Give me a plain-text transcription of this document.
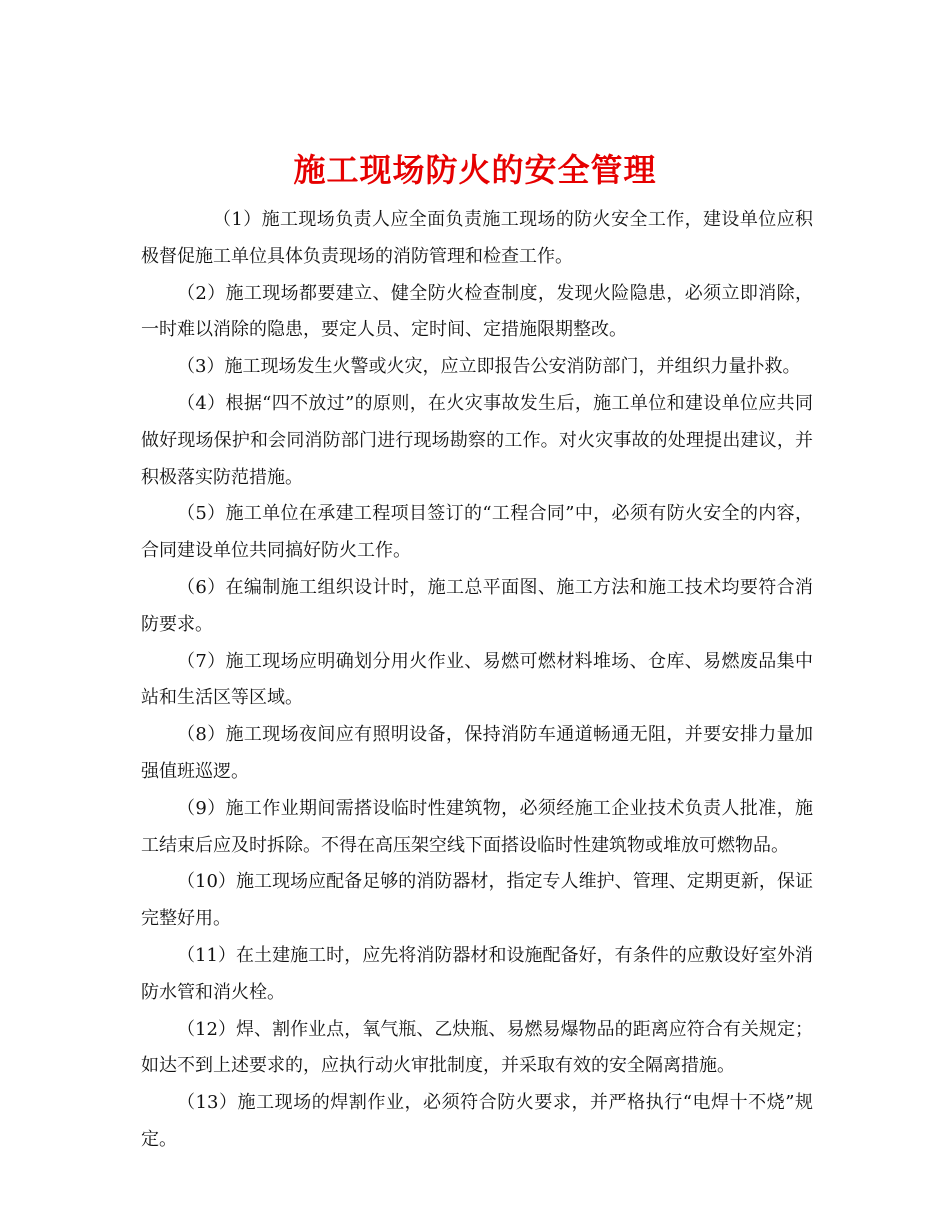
施工现场防火的安全管理

（1）施工现场负责人应全面负责施工现场的防火安全工作，建设单位应积极督促施工单位具体负责现场的消防管理和检查工作。

（2）施工现场都要建立、健全防火检查制度，发现火险隐患，必须立即消除，一时难以消除的隐患，要定人员、定时间、定措施限期整改。

（3）施工现场发生火警或火灾，应立即报告公安消防部门，并组织力量扑救。

（4）根据“四不放过”的原则，在火灾事故发生后，施工单位和建设单位应共同做好现场保护和会同消防部门进行现场勘察的工作。对火灾事故的处理提出建议，并积极落实防范措施。

（5）施工单位在承建工程项目签订的“工程合同”中，必须有防火安全的内容，合同建设单位共同搞好防火工作。

（6）在编制施工组织设计时，施工总平面图、施工方法和施工技术均要符合消防要求。

（7）施工现场应明确划分用火作业、易燃可燃材料堆场、仓库、易燃废品集中站和生活区等区域。

（8）施工现场夜间应有照明设备，保持消防车通道畅通无阻，并要安排力量加强值班巡逻。

（9）施工作业期间需搭设临时性建筑物，必须经施工企业技术负责人批准，施工结束后应及时拆除。不得在高压架空线下面搭设临时性建筑物或堆放可燃物品。

（10）施工现场应配备足够的消防器材，指定专人维护、管理、定期更新，保证完整好用。

（11）在土建施工时，应先将消防器材和设施配备好，有条件的应敷设好室外消防水管和消火栓。

（12）焊、割作业点，氧气瓶、乙炔瓶、易燃易爆物品的距离应符合有关规定；如达不到上述要求的，应执行动火审批制度，并采取有效的安全隔离措施。

（13）施工现场的焊割作业，必须符合防火要求，并严格执行“电焊十不烧”规定。
